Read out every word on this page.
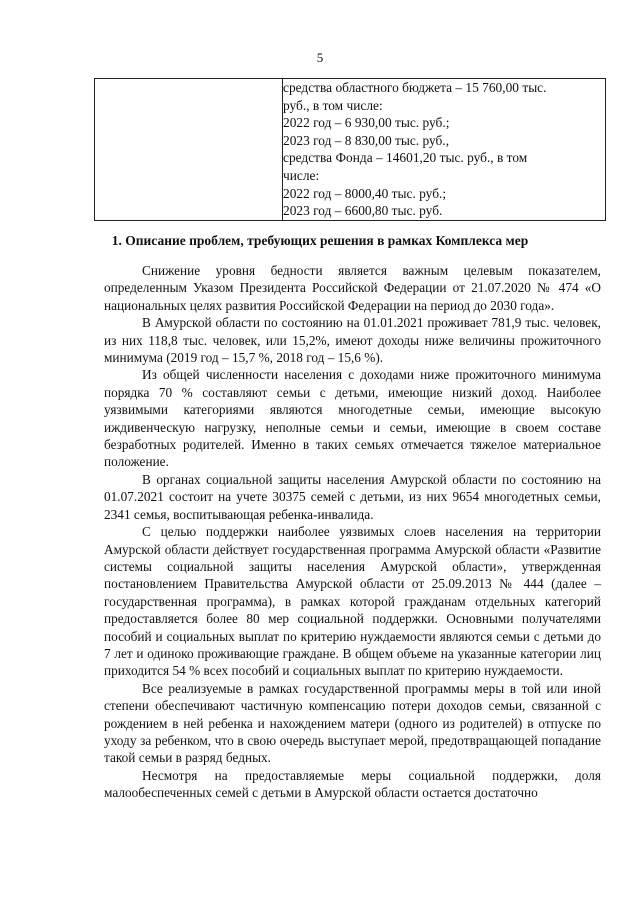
5

средства областного бюджета – 15 760,00 тыс.
руб., в том числе:
2022 год – 6 930,00 тыс. руб.;
2023 год – 8 830,00 тыс. руб.,
средства Фонда – 14601,20 тыс. руб., в том
числе:
2022 год – 8000,40 тыс. руб.;
2023 год – 6600,80 тыс. руб.
1. Описание проблем, требующих решения в рамках Комплекса мер

Снижение уровня бедности является важным целевым показателем, определенным Указом Президента Российской Федерации от 21.07.2020 № 474 «О национальных целях развития Российской Федерации на период до 2030 года».

В Амурской области по состоянию на 01.01.2021 проживает 781,9 тыс. человек, из них 118,8 тыс. человек, или 15,2%, имеют доходы ниже величины прожиточного минимума (2019 год – 15,7 %, 2018 год – 15,6 %).

Из общей численности населения с доходами ниже прожиточного минимума порядка 70 % составляют семьи с детьми, имеющие низкий доход. Наиболее уязвимыми категориями являются многодетные семьи, имеющие высокую иждивенческую нагрузку, неполные семьи и семьи, имеющие в своем составе безработных родителей. Именно в таких семьях отмечается тяжелое материальное положение.

В органах социальной защиты населения Амурской области по состоянию на 01.07.2021 состоит на учете 30375 семей с детьми, из них 9654 многодетных семьи, 2341 семья, воспитывающая ребенка-инвалида.

С целью поддержки наиболее уязвимых слоев населения на территории Амурской области действует государственная программа Амурской области «Развитие системы социальной защиты населения Амурской области», утвержденная постановлением Правительства Амурской области от 25.09.2013 № 444 (далее – государственная программа), в рамках которой гражданам отдельных категорий предоставляется более 80 мер социальной поддержки. Основными получателями пособий и социальных выплат по критерию нуждаемости являются семьи с детьми до 7 лет и одиноко проживающие граждане. В общем объеме на указанные категории лиц приходится 54 % всех пособий и социальных выплат по критерию нуждаемости.

Все реализуемые в рамках государственной программы меры в той или иной степени обеспечивают частичную компенсацию потери доходов семьи, связанной с рождением в ней ребенка и нахождением матери (одного из родителей) в отпуске по уходу за ребенком, что в свою очередь выступает мерой, предотвращающей попадание такой семьи в разряд бедных.

Несмотря на предоставляемые меры социальной поддержки, доля малообеспеченных семей с детьми в Амурской области остается достаточно
